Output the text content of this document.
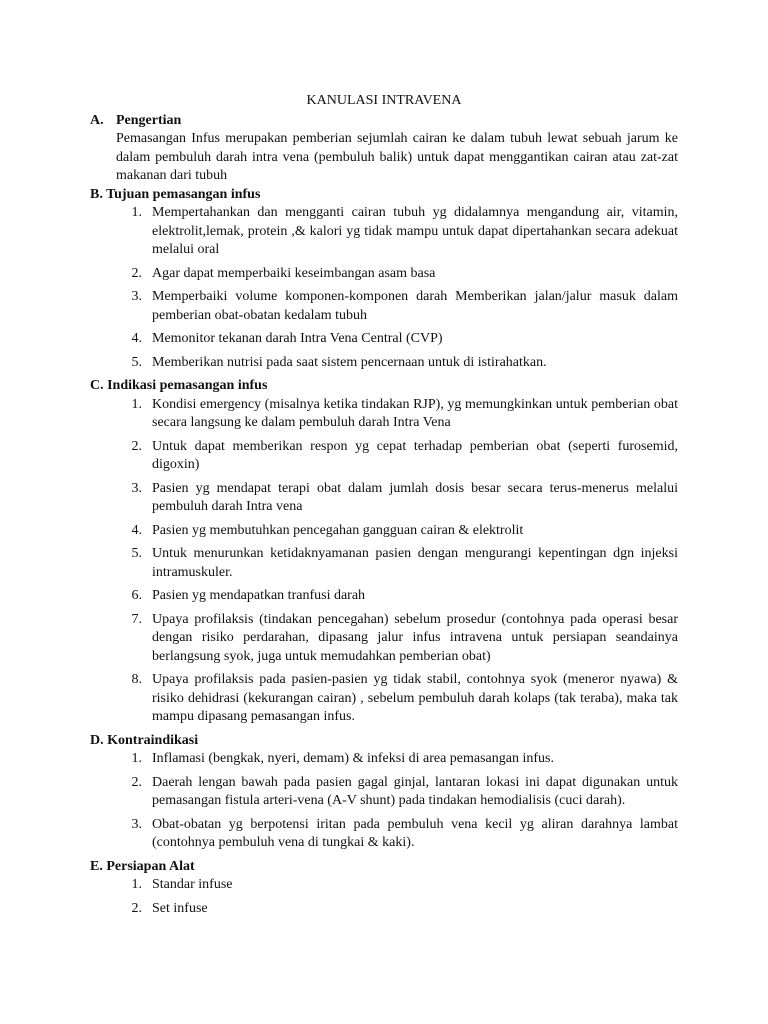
KANULASI INTRAVENA
A. Pengertian

Pemasangan Infus merupakan pemberian sejumlah cairan ke dalam tubuh lewat sebuah jarum ke dalam pembuluh darah intra vena (pembuluh balik) untuk dapat menggantikan cairan atau zat-zat makanan dari tubuh

B. Tujuan pemasangan infus
1. Mempertahankan dan mengganti cairan tubuh yg didalamnya mengandung air, vitamin, elektrolit,lemak, protein ,& kalori yg tidak mampu untuk dapat dipertahankan secara adekuat melalui oral
2. Agar dapat memperbaiki keseimbangan asam basa
3. Memperbaiki volume komponen-komponen darah Memberikan jalan/jalur masuk dalam pemberian obat-obatan kedalam tubuh
4. Memonitor tekanan darah Intra Vena Central (CVP)
5. Memberikan nutrisi pada saat sistem pencernaan untuk di istirahatkan.
C. Indikasi pemasangan infus
1. Kondisi emergency (misalnya ketika tindakan RJP), yg memungkinkan untuk pemberian obat secara langsung ke dalam pembuluh darah Intra Vena
2. Untuk dapat memberikan respon yg cepat terhadap pemberian obat (seperti furosemid, digoxin)
3. Pasien yg mendapat terapi obat dalam jumlah dosis besar secara terus-menerus melalui pembuluh darah Intra vena
4. Pasien yg membutuhkan pencegahan gangguan cairan & elektrolit
5. Untuk menurunkan ketidaknyamanan pasien dengan mengurangi kepentingan dgn injeksi intramuskuler.
6. Pasien yg mendapatkan tranfusi darah
7. Upaya profilaksis (tindakan pencegahan) sebelum prosedur (contohnya pada operasi besar dengan risiko perdarahan, dipasang jalur infus intravena untuk persiapan seandainya berlangsung syok, juga untuk memudahkan pemberian obat)
8. Upaya profilaksis pada pasien-pasien yg tidak stabil, contohnya syok (meneror nyawa) & risiko dehidrasi (kekurangan cairan) , sebelum pembuluh darah kolaps (tak teraba), maka tak mampu dipasang pemasangan infus.
D. Kontraindikasi
1. Inflamasi (bengkak, nyeri, demam) & infeksi di area pemasangan infus.
2. Daerah lengan bawah pada pasien gagal ginjal, lantaran lokasi ini dapat digunakan untuk pemasangan fistula arteri-vena (A-V shunt) pada tindakan hemodialisis (cuci darah).
3. Obat-obatan yg berpotensi iritan pada pembuluh vena kecil yg aliran darahnya lambat (contohnya pembuluh vena di tungkai & kaki).
E. Persiapan Alat
1. Standar infuse
2. Set infuse
